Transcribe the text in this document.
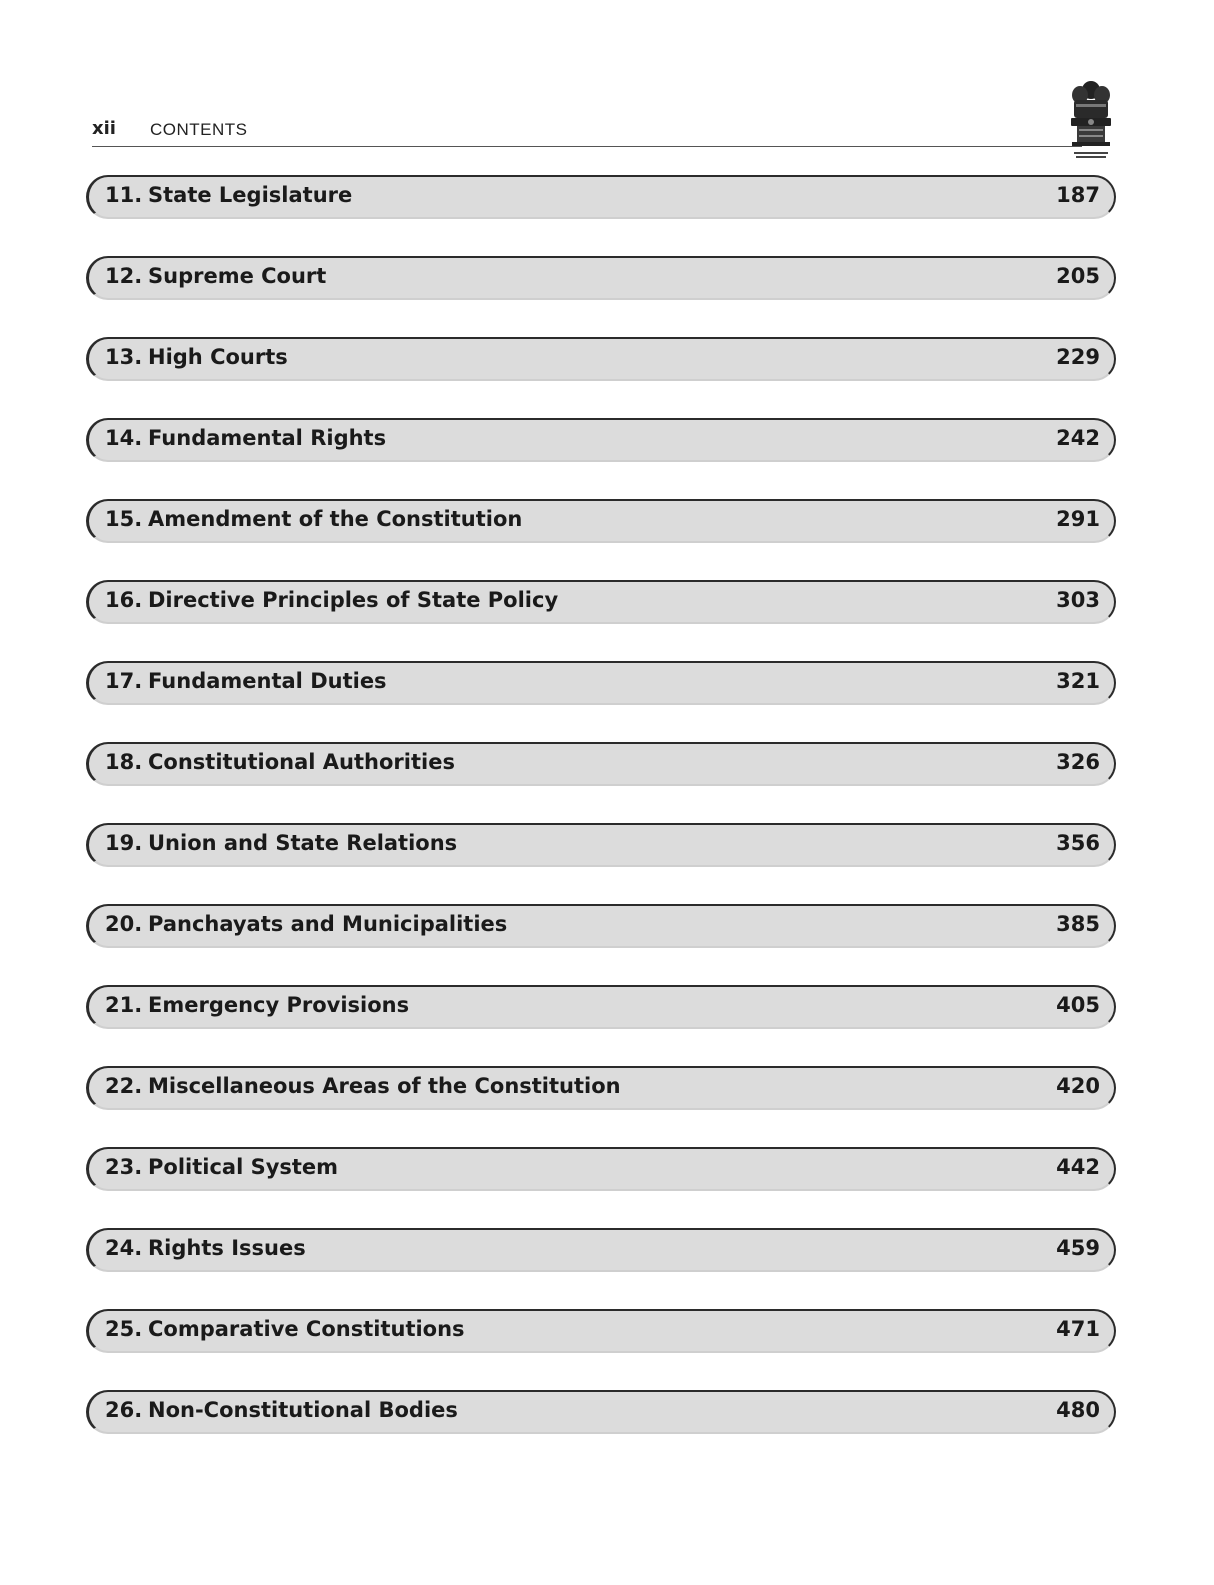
xii CONTENTS
11. State Legislature	187
12. Supreme Court	205
13. High Courts	229
14. Fundamental Rights	242
15. Amendment of the Constitution	291
16. Directive Principles of State Policy	303
17. Fundamental Duties	321
18. Constitutional Authorities	326
19. Union and State Relations	356
20. Panchayats and Municipalities	385
21. Emergency Provisions	405
22. Miscellaneous Areas of the Constitution	420
23. Political System	442
24. Rights Issues	459
25. Comparative Constitutions	471
26. Non-Constitutional Bodies	480
